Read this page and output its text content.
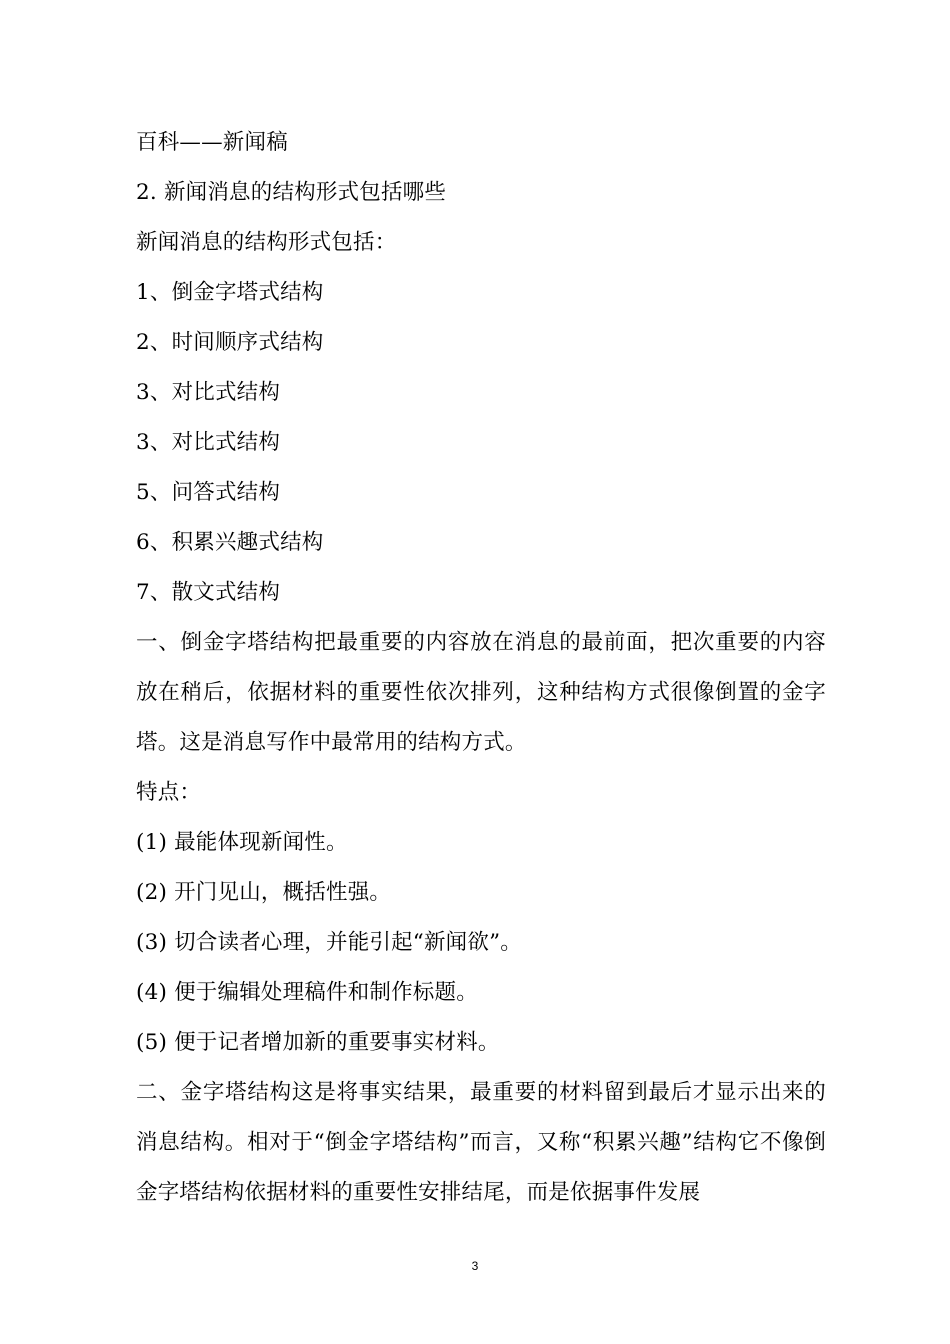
百科——新闻稿
2. 新闻消息的结构形式包括哪些
新闻消息的结构形式包括：
1、倒金字塔式结构
2、时间顺序式结构
3、对比式结构
3、对比式结构
5、问答式结构
6、积累兴趣式结构
7、散文式结构
一、倒金字塔结构把最重要的内容放在消息的最前面，把次重要的内容放在稍后，依据材料的重要性依次排列，这种结构方式很像倒置的金字塔。这是消息写作中最常用的结构方式。
特点：
(1) 最能体现新闻性。
(2) 开门见山，概括性强。
(3) 切合读者心理，并能引起“新闻欲”。
(4) 便于编辑处理稿件和制作标题。
(5) 便于记者增加新的重要事实材料。
二、金字塔结构这是将事实结果，最重要的材料留到最后才显示出来的消息结构。相对于“倒金字塔结构”而言，又称“积累兴趣”结构它不像倒金字塔结构依据材料的重要性安排结尾，而是依据事件发展
3
